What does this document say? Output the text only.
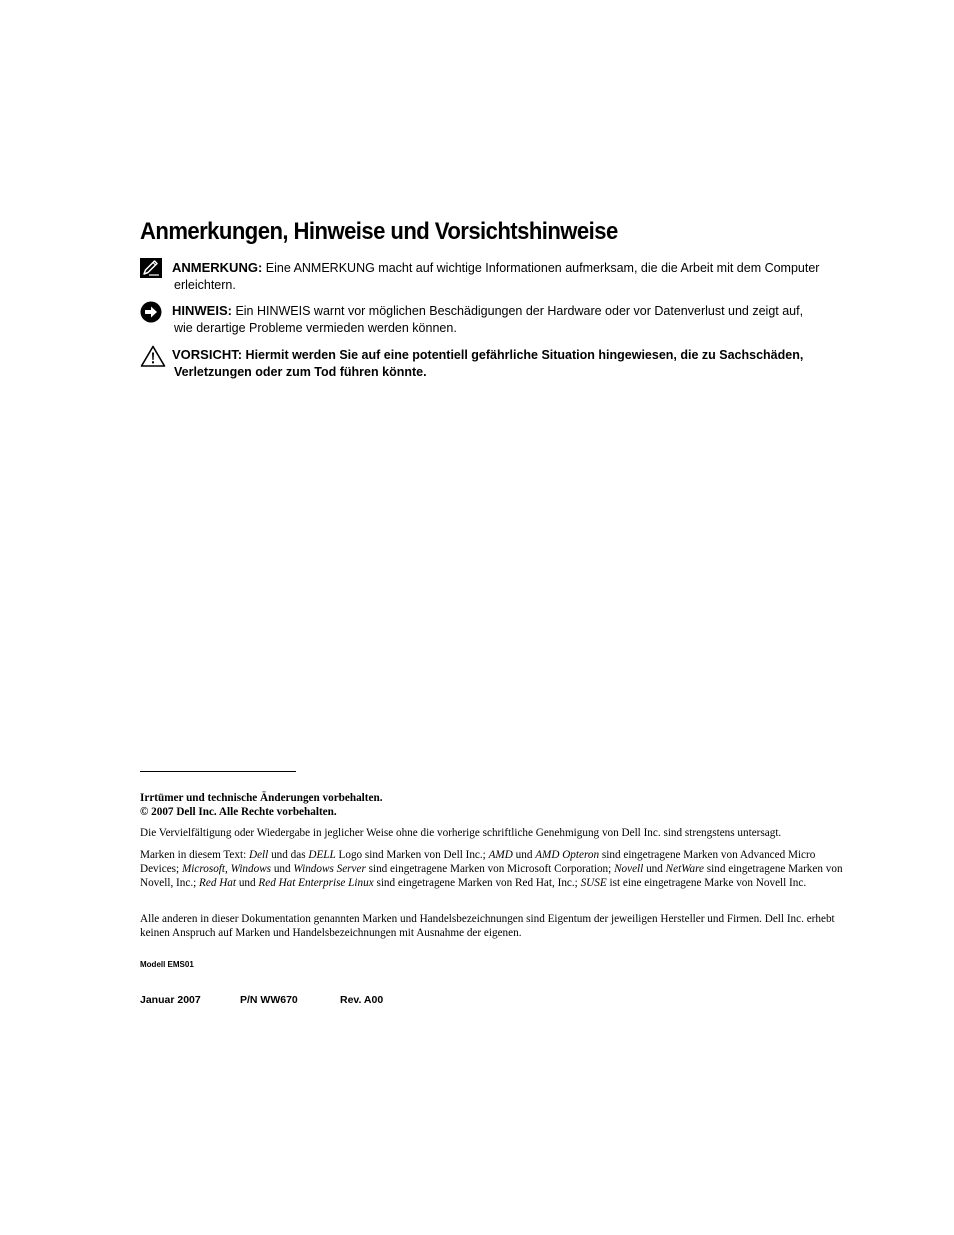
Anmerkungen, Hinweise und Vorsichtshinweise
ANMERKUNG: Eine ANMERKUNG macht auf wichtige Informationen aufmerksam, die die Arbeit mit dem Computer
erleichtern.
HINWEIS: Ein HINWEIS warnt vor möglichen Beschädigungen der Hardware oder vor Datenverlust und zeigt auf,
wie derartige Probleme vermieden werden können.
VORSICHT: Hiermit werden Sie auf eine potentiell gefährliche Situation hingewiesen, die zu Sachschäden,
Verletzungen oder zum Tod führen könnte.

Irrtümer und technische Änderungen vorbehalten.
© 2007 Dell Inc. Alle Rechte vorbehalten.

Die Vervielfältigung oder Wiedergabe in jeglicher Weise ohne die vorherige schriftliche Genehmigung von Dell Inc. sind strengstens untersagt.

Marken in diesem Text: Dell und das DELL Logo sind Marken von Dell Inc.; AMD und AMD Opteron sind eingetragene Marken von Advanced Micro Devices; Microsoft, Windows und Windows Server sind eingetragene Marken von Microsoft Corporation; Novell und NetWare sind eingetragene Marken von Novell, Inc.; Red Hat und Red Hat Enterprise Linux sind eingetragene Marken von Red Hat, Inc.; SUSE ist eine eingetragene Marke von Novell Inc.

Alle anderen in dieser Dokumentation genannten Marken und Handelsbezeichnungen sind Eigentum der jeweiligen Hersteller und Firmen. Dell Inc. erhebt keinen Anspruch auf Marken und Handelsbezeichnungen mit Ausnahme der eigenen.

Modell EMS01
Januar 2007	P/N WW670	Rev. A00
